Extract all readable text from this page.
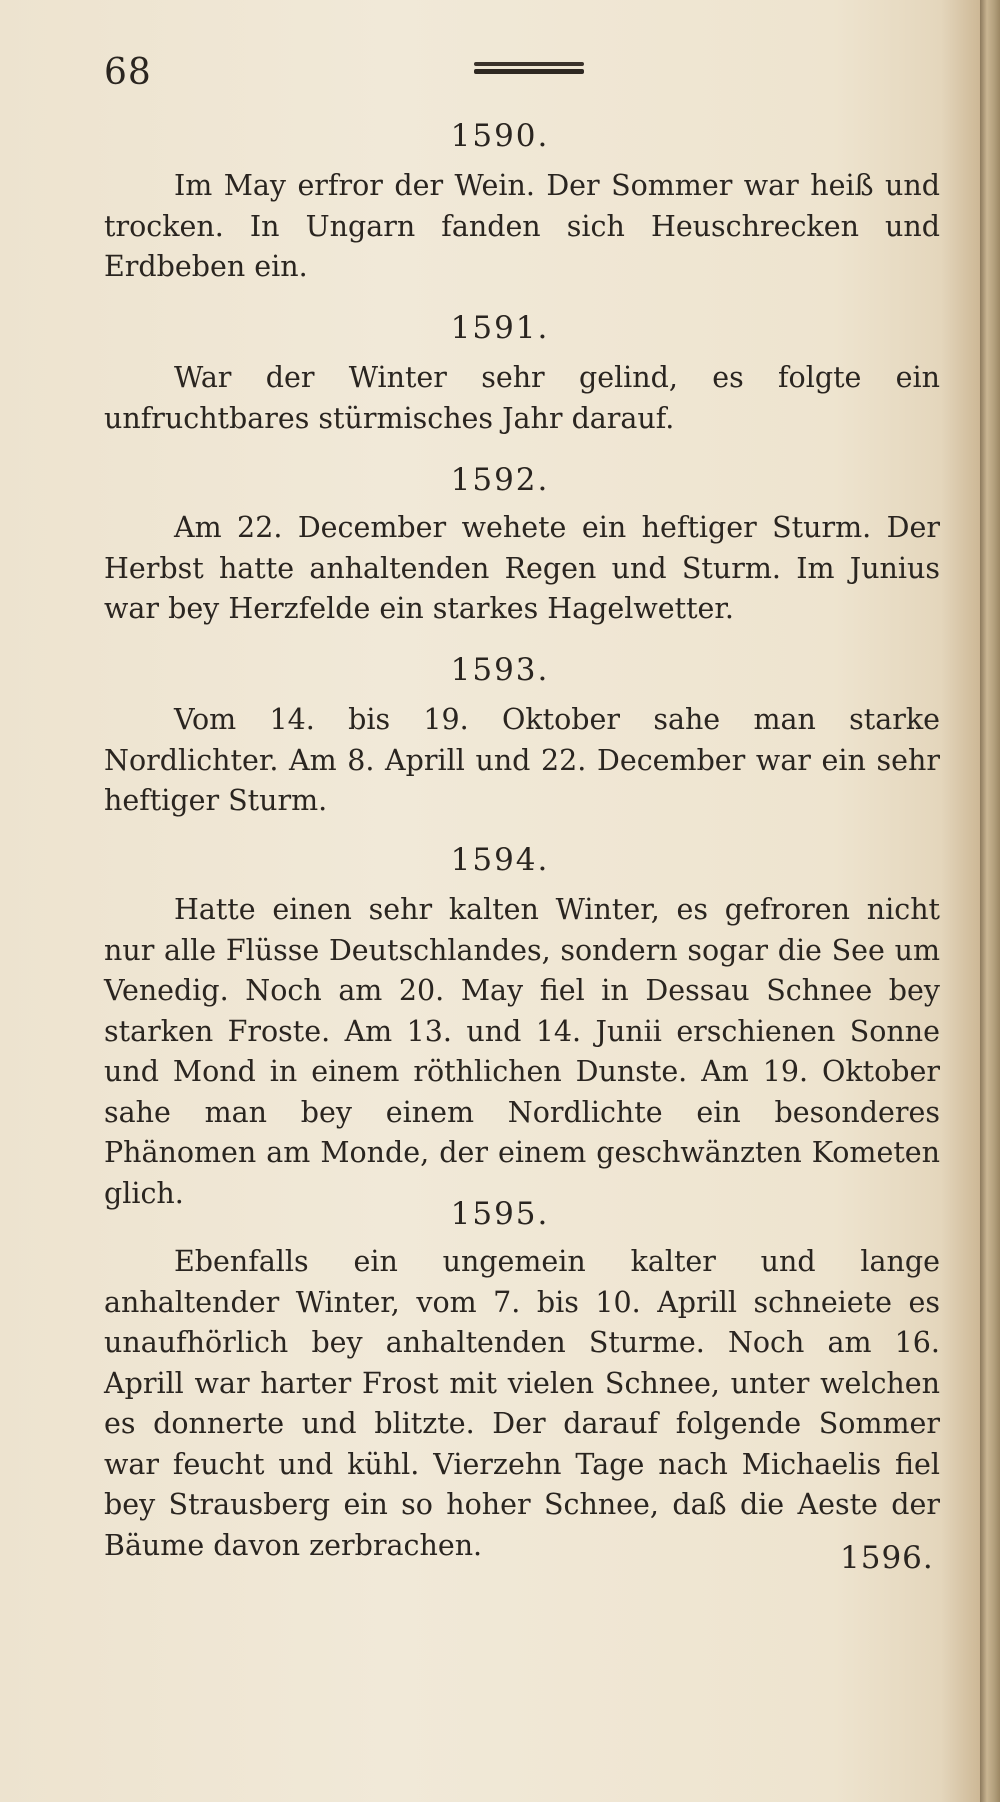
68
1590.

Im May erfror der Wein. Der Sommer war heiß und trocken. In Ungarn fanden sich Heuschrecken und Erdbeben ein.

1591.

War der Winter sehr gelind, es folgte ein unfruchtbares stürmisches Jahr darauf.

1592.

Am 22. December wehete ein heftiger Sturm. Der Herbst hatte anhaltenden Regen und Sturm. Im Junius war bey Herzfelde ein starkes Hagelwetter.

1593.

Vom 14. bis 19. Oktober sahe man starke Nordlichter. Am 8. Aprill und 22. December war ein sehr heftiger Sturm.

1594.

Hatte einen sehr kalten Winter, es gefroren nicht nur alle Flüsse Deutschlandes, sondern sogar die See um Venedig. Noch am 20. May fiel in Dessau Schnee bey starken Froste. Am 13. und 14. Junii erschienen Sonne und Mond in einem röthlichen Dunste. Am 19. Oktober sahe man bey einem Nordlichte ein besonderes Phänomen am Monde, der einem geschwänzten Kometen glich.

1595.

Ebenfalls ein ungemein kalter und lange anhaltender Winter, vom 7. bis 10. Aprill schneiete es unaufhörlich bey anhaltenden Sturme. Noch am 16. Aprill war harter Frost mit vielen Schnee, unter welchen es donnerte und blitzte. Der darauf folgende Sommer war feucht und kühl. Vierzehn Tage nach Michaelis fiel bey Strausberg ein so hoher Schnee, daß die Aeste der Bäume davon zerbrachen.	1596.
